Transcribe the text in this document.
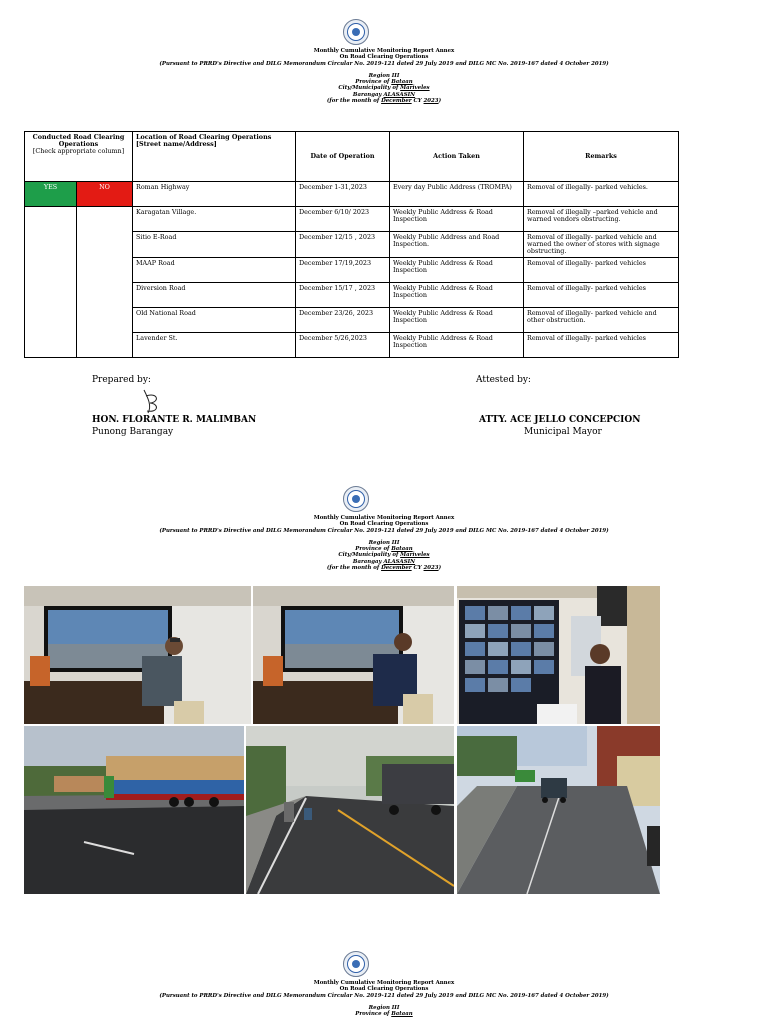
Monthly Cumulative Monitoring Report Annex
On Road Clearing Operations
(Pursuant to PRRD's Directive and DILG Memorandum Circular No. 2019-121 dated 29 July 2019 and DILG MC No. 2019-167 dated 4 October 2019)
Region III
Province of Bataan
City/Municipality of Mariveles
Barangay ALASASIN
(for the month of December CY 2023)
Conducted Road Clearing Operations
[Check appropriate column]		Location of Road Clearing Operations [Street name/Address]	Date of Operation	Action Taken	Remarks
YES	NO	Roman Highway	December 1-31,2023	Every day Public Address (TROMPA)	Removal of illegally- parked vehicles.
		Karagatan Village.	December 6/10/ 2023	Weekly Public Address & Road Inspection	Removal of illegally –parked vehicle and warned vendors obstructing.
		Sitio E-Road	December 12/15 , 2023	Weekly Public Address and Road Inspection.	Removal of illegally- parked vehicle and warned the owner of stores with signage obstructing.
		MAAP Road	December 17/19,2023	Weekly Public Address & Road Inspection	Removal of illegally- parked vehicles
		Diversion Road	December 15/17 , 2023	Weekly Public Address & Road Inspection	Removal of illegally- parked vehicles
		Old National Road	December 23/26, 2023	Weekly Public Address & Road Inspection	Removal of illegally- parked vehicle and other obstruction.
		Lavender St.	December 5/26,2023	Weekly Public Address & Road Inspection	Removal of illegally- parked vehicles
Prepared by:
HON. FLORANTE R. MALIMBAN
Punong Barangay
Attested by:
ATTY. ACE JELLO CONCEPCION
Municipal Mayor
Monthly Cumulative Monitoring Report Annex
On Road Clearing Operations
(Pursuant to PRRD's Directive and DILG Memorandum Circular No. 2019-121 dated 29 July 2019 and DILG MC No. 2019-167 dated 4 October 2019)
Region III
Province of Bataan
City/Municipality of Mariveles
Barangay ALASASIN
(for the month of December CY 2023)
Monthly Cumulative Monitoring Report Annex
On Road Clearing Operations
(Pursuant to PRRD's Directive and DILG Memorandum Circular No. 2019-121 dated 29 July 2019 and DILG MC No. 2019-167 dated 4 October 2019)
Region III
Province of Bataan
